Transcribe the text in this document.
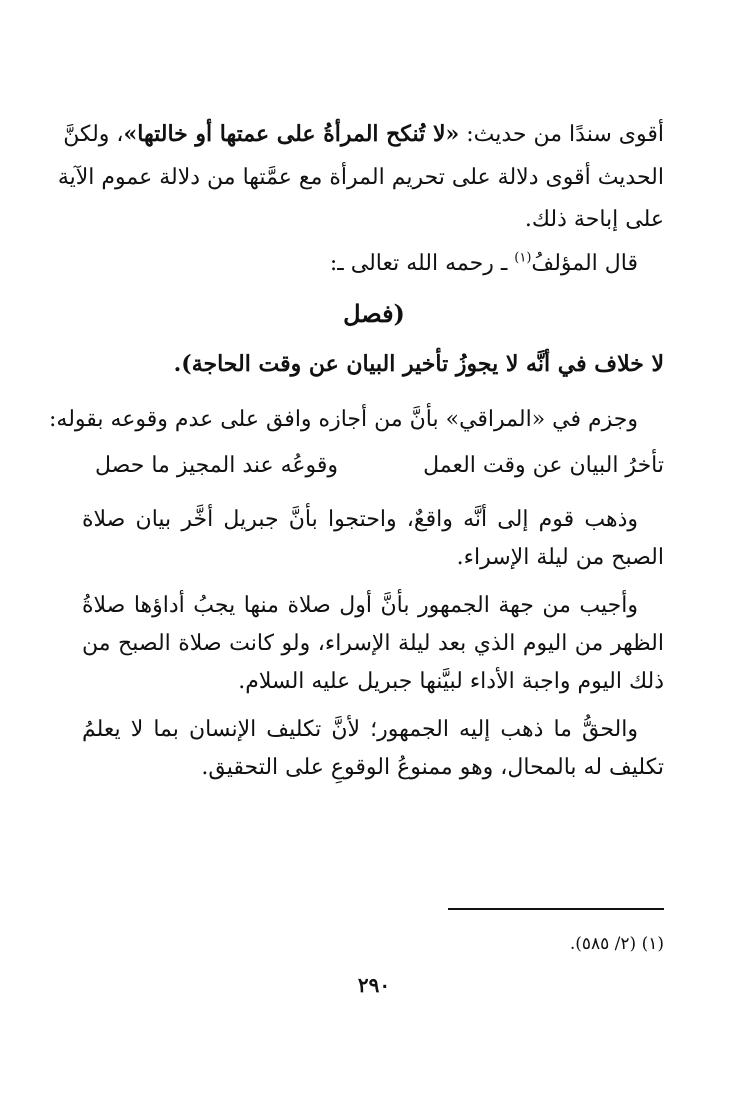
أقوى سندًا من حديث: «لا تُنكح المرأةُ على عمتها أو خالتها»، ولكنَّ
الحديث أقوى دلالة على تحريم المرأة مع عمَّتها من دلالة عموم الآية
على إباحة ذلك.
قال المؤلفُ$^{(١)}$ ـ رحمه الله تعالى ـ:
(فصل
لا خلاف في أنَّه لا يجوزُ تأخير البيان عن وقت الحاجة).
وجزم في «المراقي» بأنَّ من أجازه وافق على عدم وقوعه بقوله:
تأخرُ البيان عن وقت العمل
وقوعُه عند المجيز ما حصل
وذهب قوم إلى أنَّه واقعٌ، واحتجوا بأنَّ جبريل أخَّر بيان صلاة
الصبح من ليلة الإسراء.
وأجيب من جهة الجمهور بأنَّ أول صلاة منها يجبُ أداؤها صلاةُ
الظهر من اليوم الذي بعد ليلة الإسراء، ولو كانت صلاة الصبح من
ذلك اليوم واجبة الأداء لبيَّنها جبريل عليه السلام.
والحقُّ ما ذهب إليه الجمهور؛ لأنَّ تكليف الإنسان بما لا يعلمُ
تكليف له بالمحال، وهو ممنوعُ الوقوعِ على التحقيق.
(١) (٢/ ٥٨٥).
٢٩٠
